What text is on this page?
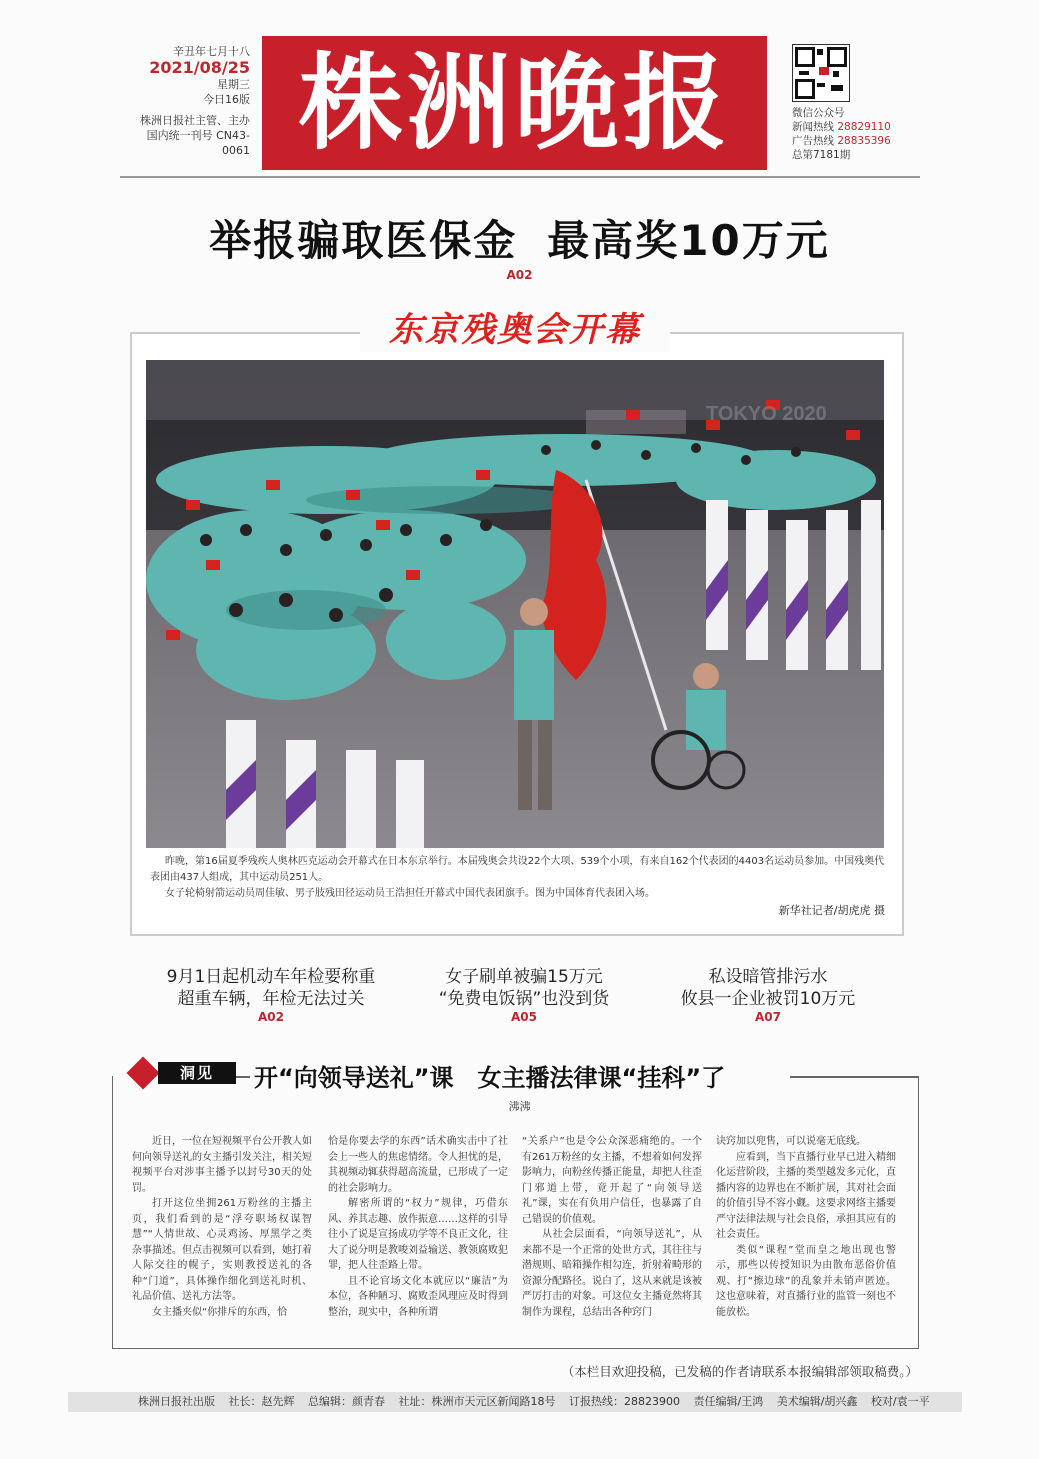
辛丑年七月十八
2021/08/25
星期三
今日16版
株洲日报社主管、主办
国内统一刊号 CN43-0061 株洲晚报	微信公众号
新闻热线 28829110
广告热线 28835396
总第7181期
举报骗取医保金 最高奖10万元
A02
东京残奥会开幕
TOKYO 2020

昨晚，第16届夏季残疾人奥林匹克运动会开幕式在日本东京举行。本届残奥会共设22个大项、539个小项，有来自162个代表团的4403名运动员参加。中国残奥代表团由437人组成，其中运动员251人。

女子轮椅射箭运动员周佳敏、男子肢残田径运动员王浩担任开幕式中国代表团旗手。图为中国体育代表团入场。

新华社记者/胡虎虎 摄
9月1日起机动车年检要称重
超重车辆，年检无法过关
A02
女子刷单被骗15万元
“免费电饭锅”也没到货
A05
私设暗管排污水
攸县一企业被罚10万元
A07
洞见	开“向领导送礼”课　女主播法律课“挂科”了
沸沸

近日，一位在短视频平台公开教人如何向领导送礼的女主播引发关注，相关短视频平台对涉事主播予以封号30天的处罚。

打开这位坐拥261万粉丝的主播主页，我们看到的是“浮夸职场权谋智慧”“人情世故、心灵鸡汤、厚黑学之类杂事描述。但点击视频可以看到，她打着人际交往的幌子，实则教授送礼的各种“门道”，具体操作细化到送礼时机、礼品价值、送礼方法等。

女主播夹似“你排斥的东西，恰

恰是你要去学的东西”话术确实击中了社会上一些人的焦虑情绪。令人担忧的是，其视频动辄获得超高流量，已形成了一定的社会影响力。

解密所谓的“权力”规律，巧借东风、养其志趣、放作振意……这样的引导往小了说是宣扬成功学等不良正文化，往大了说分明是教唆刘益输送、教领腐败犯罪，把人往歪路上带。

且不论官场文化本就应以“廉洁”为本位，各种陋习、腐败歪风理应及时得到整治，现实中，各种所谓

“关系户”也是令公众深恶痛绝的。一个有261万粉丝的女主播，不想着如何发挥影响力，向粉丝传播正能量，却把人往歪门邪道上带，竟开起了“向领导送礼”课，实在有负用户信任，也暴露了自己错误的价值观。

从社会层面看，“向领导送礼”，从来都不是一个正常的处世方式，其往往与潜规则、暗箱操作相勾连，折射着畸形的资源分配路径。说白了，这从来就是该被严厉打击的对象。可这位女主播竟然将其制作为课程，总结出各种窍门

诀窍加以兜售，可以说毫无底线。

应看到，当下直播行业早已进入精细化运营阶段，主播的类型越发多元化，直播内容的边界也在不断扩展，其对社会面的价值引导不容小觑。这要求网络主播要严守法律法规与社会良俗，承担其应有的社会责任。

类似“课程”堂而皇之地出现也警示，那些以传授知识为由散布恶俗价值观、打“擦边球”的乱象并未销声匿迹。这也意味着，对直播行业的监管一刻也不能放松。

（本栏目欢迎投稿，已发稿的作者请联系本报编辑部领取稿费。）
株洲日报社出版 社长：赵先辉 总编辑：颜青春 社址：株洲市天元区新闻路18号 订报热线：28823900 责任编辑/王鸿 美术编辑/胡兴鑫 校对/袁一平
